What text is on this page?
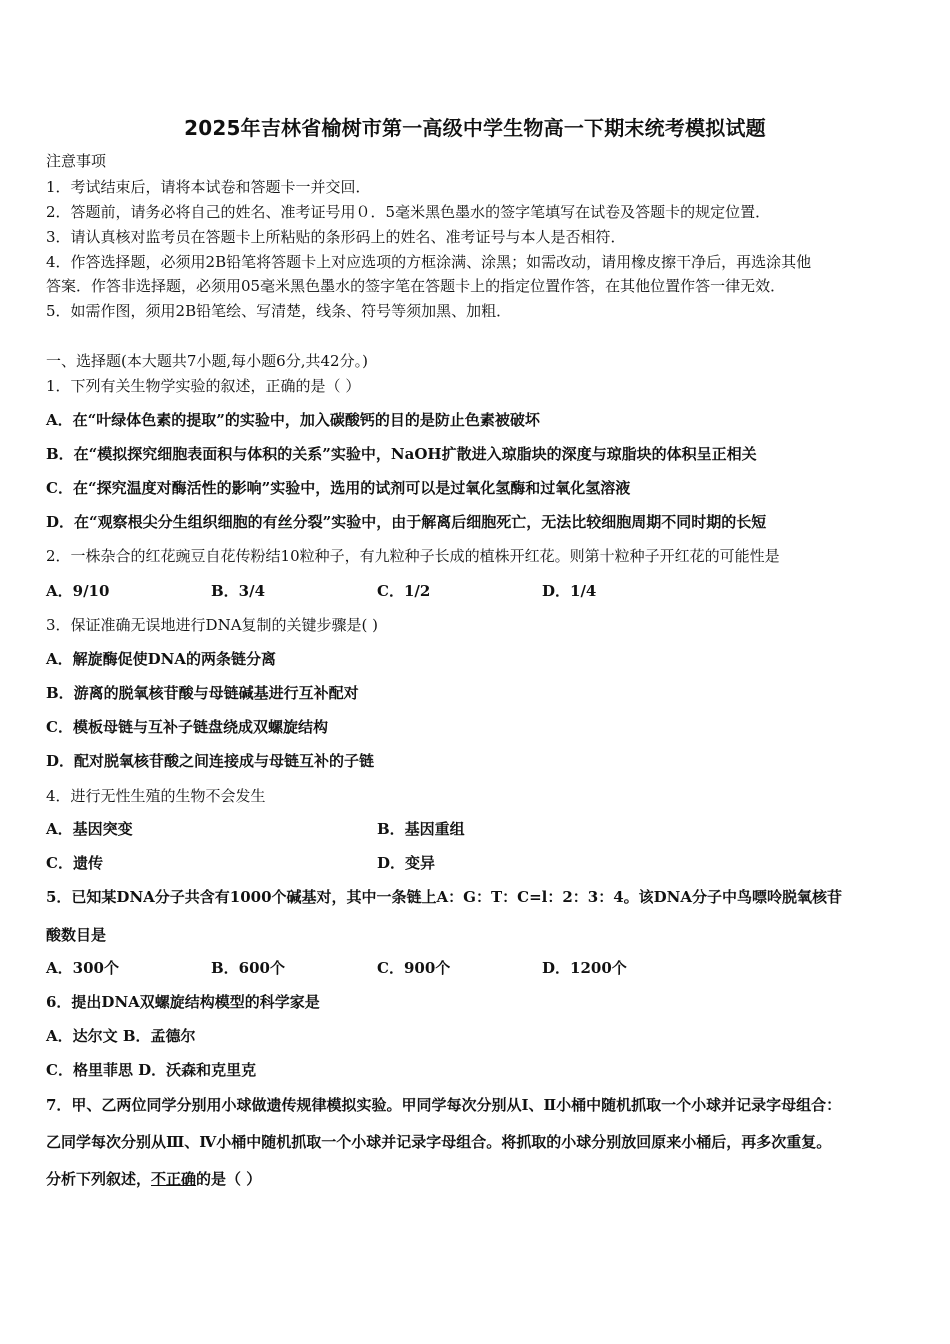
2025年吉林省榆树市第一高级中学生物高一下期末统考模拟试题
注意事项
1．考试结束后，请将本试卷和答题卡一并交回．
2．答题前，请务必将自己的姓名、准考证号用０．5毫米黑色墨水的签字笔填写在试卷及答题卡的规定位置．
3．请认真核对监考员在答题卡上所粘贴的条形码上的姓名、准考证号与本人是否相符．
4．作答选择题，必须用2B铅笔将答题卡上对应选项的方框涂满、涂黑；如需改动，请用橡皮擦干净后，再选涂其他
答案．作答非选择题，必须用05毫米黑色墨水的签字笔在答题卡上的指定位置作答，在其他位置作答一律无效．
5．如需作图，须用2B铅笔绘、写清楚，线条、符号等须加黑、加粗．
一、选择题(本大题共7小题,每小题6分,共42分。)
1．下列有关生物学实验的叙述，正确的是（ ）
A．在“叶绿体色素的提取”的实验中，加入碳酸钙的目的是防止色素被破坏
B．在“模拟探究细胞表面积与体积的关系”实验中，NaOH扩散进入琼脂块的深度与琼脂块的体积呈正相关
C．在“探究温度对酶活性的影响”实验中，选用的试剂可以是过氧化氢酶和过氧化氢溶液
D．在“观察根尖分生组织细胞的有丝分裂”实验中，由于解离后细胞死亡，无法比较细胞周期不同时期的长短
2．一株杂合的红花豌豆自花传粉结10粒种子，有九粒种子长成的植株开红花。则第十粒种子开红花的可能性是
A．9/10	B．3/4	C．1/2	D．1/4
3．保证准确无误地进行DNA复制的关键步骤是( )
A．解旋酶促使DNA的两条链分离
B．游离的脱氧核苷酸与母链碱基进行互补配对
C．模板母链与互补子链盘绕成双螺旋结构
D．配对脱氧核苷酸之间连接成与母链互补的子链
4．进行无性生殖的生物不会发生
A．基因突变	B．基因重组
C．遗传	D．变异
5．已知某DNA分子共含有1000个碱基对，其中一条链上A：G：T：C=l：2：3：4。该DNA分子中鸟嘌呤脱氧核苷
酸数目是
A．300个	B．600个	C．900个	D．1200个
6．提出DNA双螺旋结构模型的科学家是
A．达尔文 B．孟德尔
C．格里菲思 D．沃森和克里克
7．甲、乙两位同学分别用小球做遗传规律模拟实验。甲同学每次分别从Ⅰ、Ⅱ小桶中随机抓取一个小球并记录字母组合：
乙同学每次分别从Ⅲ、Ⅳ小桶中随机抓取一个小球并记录字母组合。将抓取的小球分别放回原来小桶后，再多次重复。
分析下列叙述，不正确的是（ ）
